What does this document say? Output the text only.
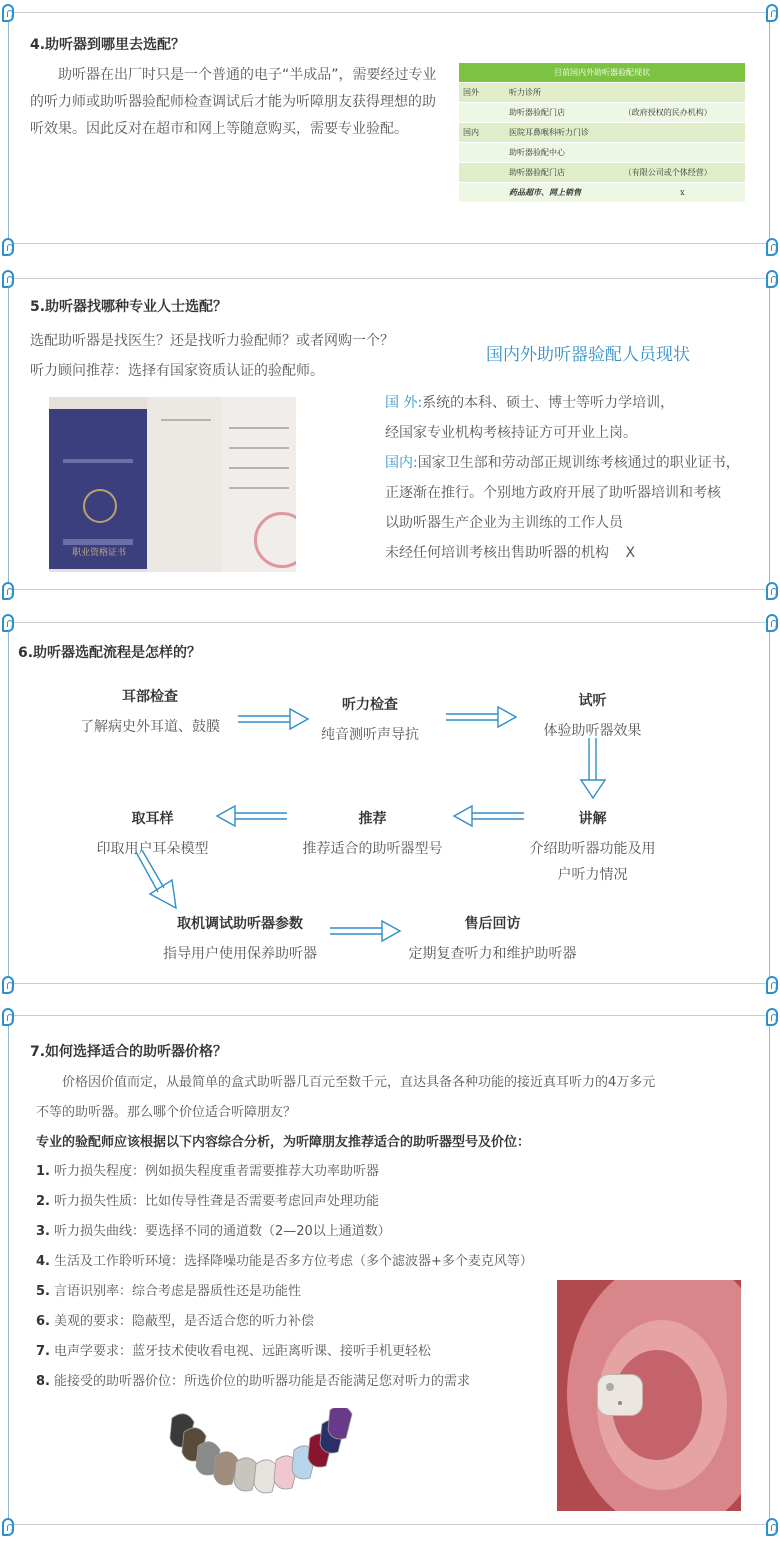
4.助听器到哪里去选配？
助听器在出厂时只是一个普通的电子“半成品”，需要经过专业的听力师或助听器验配师检查调试后才能为听障朋友获得理想的助听效果。因此反对在超市和网上等随意购买，需要专业验配。
目前国内外助听器验配现状		
国外	听力诊所	
	助听器验配门店	（政府授权的民办机构）
国内	医院耳鼻喉科听力门诊	
	助听器验配中心	
	助听器验配门店	（有限公司或个体经营）
	药品超市、网上销售	x
5.助听器找哪种专业人士选配？
选配助听器是找医生？还是找听力验配师？或者网购一个？
听力顾问推荐：选择有国家资质认证的验配师。
职业资格证书
国内外助听器验配人员现状
国 外:系统的本科、硕士、博士等听力学培训，
经国家专业机构考核持证方可开业上岗。
国内:国家卫生部和劳动部正规训练考核通过的职业证书，
正逐渐在推行。个别地方政府开展了助听器培训和考核
以助听器生产企业为主训练的工作人员
未经任何培训考核出售助听器的机构 X
6.助听器选配流程是怎样的？
耳部检查
了解病史外耳道、鼓膜
听力检查
纯音测听声导抗
试听
体验助听器效果
讲解
介绍助听器功能及用
户听力情况
推荐
推荐适合的助听器型号
取耳样
印取用户耳朵模型
取机调试助听器参数
指导用户使用保养助听器
售后回访
定期复查听力和维护助听器
7.如何选择适合的助听器价格？
价格因价值而定，从最简单的盒式助听器几百元至数千元，直达具备各种功能的接近真耳听力的4万多元
不等的助听器。那么哪个价位适合听障朋友？
专业的验配师应该根据以下内容综合分析，为听障朋友推荐适合的助听器型号及价位：
1. 听力损失程度：例如损失程度重者需要推荐大功率助听器
2. 听力损失性质：比如传导性聋是否需要考虑回声处理功能
3. 听力损失曲线：要选择不同的通道数（2—20以上通道数）
4. 生活及工作聆听环境：选择降噪功能是否多方位考虑（多个滤波器+多个麦克风等）
5. 言语识别率：综合考虑是器质性还是功能性
6. 美观的要求：隐蔽型，是否适合您的听力补偿
7. 电声学要求：蓝牙技术使收看电视、远距离听课、接听手机更轻松
8. 能接受的助听器价位：所选价位的助听器功能是否能满足您对听力的需求
